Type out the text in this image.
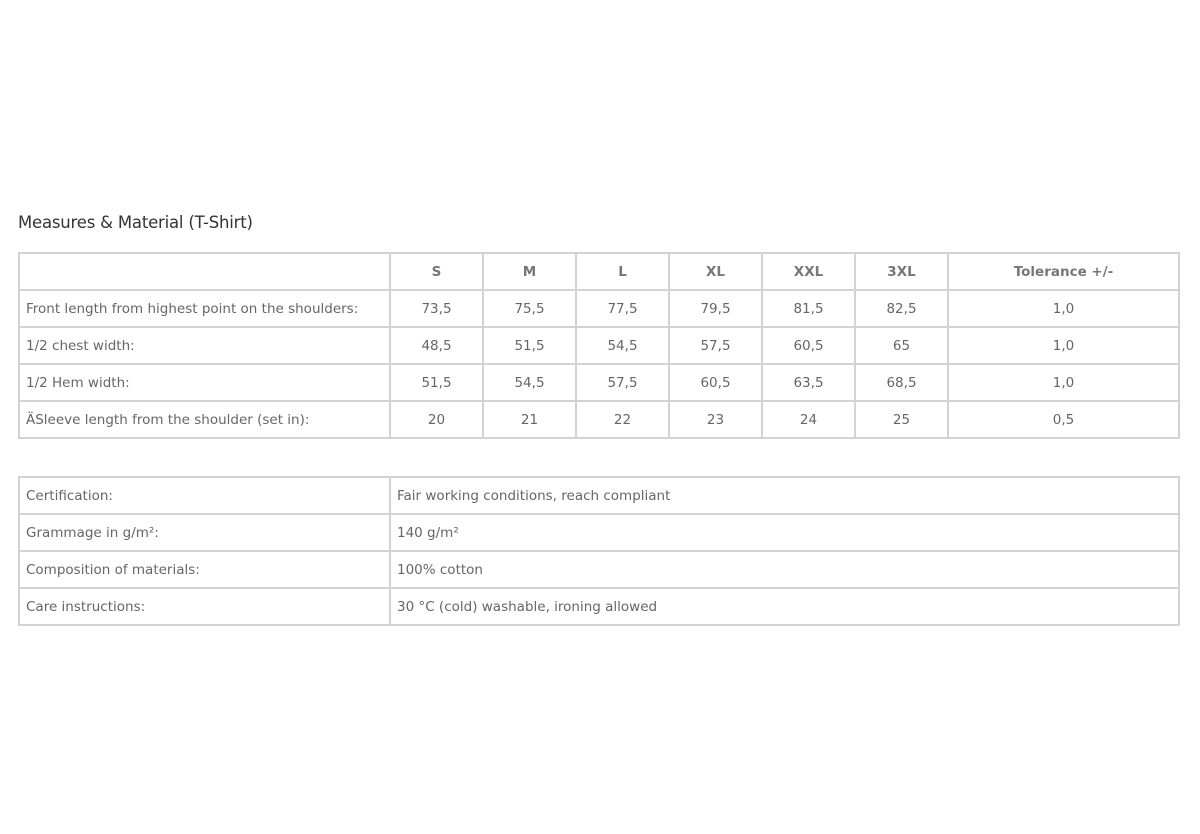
Measures & Material (T-Shirt)
	S	M	L	XL	XXL	3XL	Tolerance +/-
Front length from highest point on the shoulders:	73,5	75,5	77,5	79,5	81,5	82,5	1,0
1/2 chest width:	48,5	51,5	54,5	57,5	60,5	65	1,0
1/2 Hem width:	51,5	54,5	57,5	60,5	63,5	68,5	1,0
ÄSleeve length from the shoulder (set in):	20	21	22	23	24	25	0,5
Certification:	Fair working conditions, reach compliant
Grammage in g/m²:	140 g/m²
Composition of materials:	100% cotton
Care instructions:	30 °C (cold) washable, ironing allowed
